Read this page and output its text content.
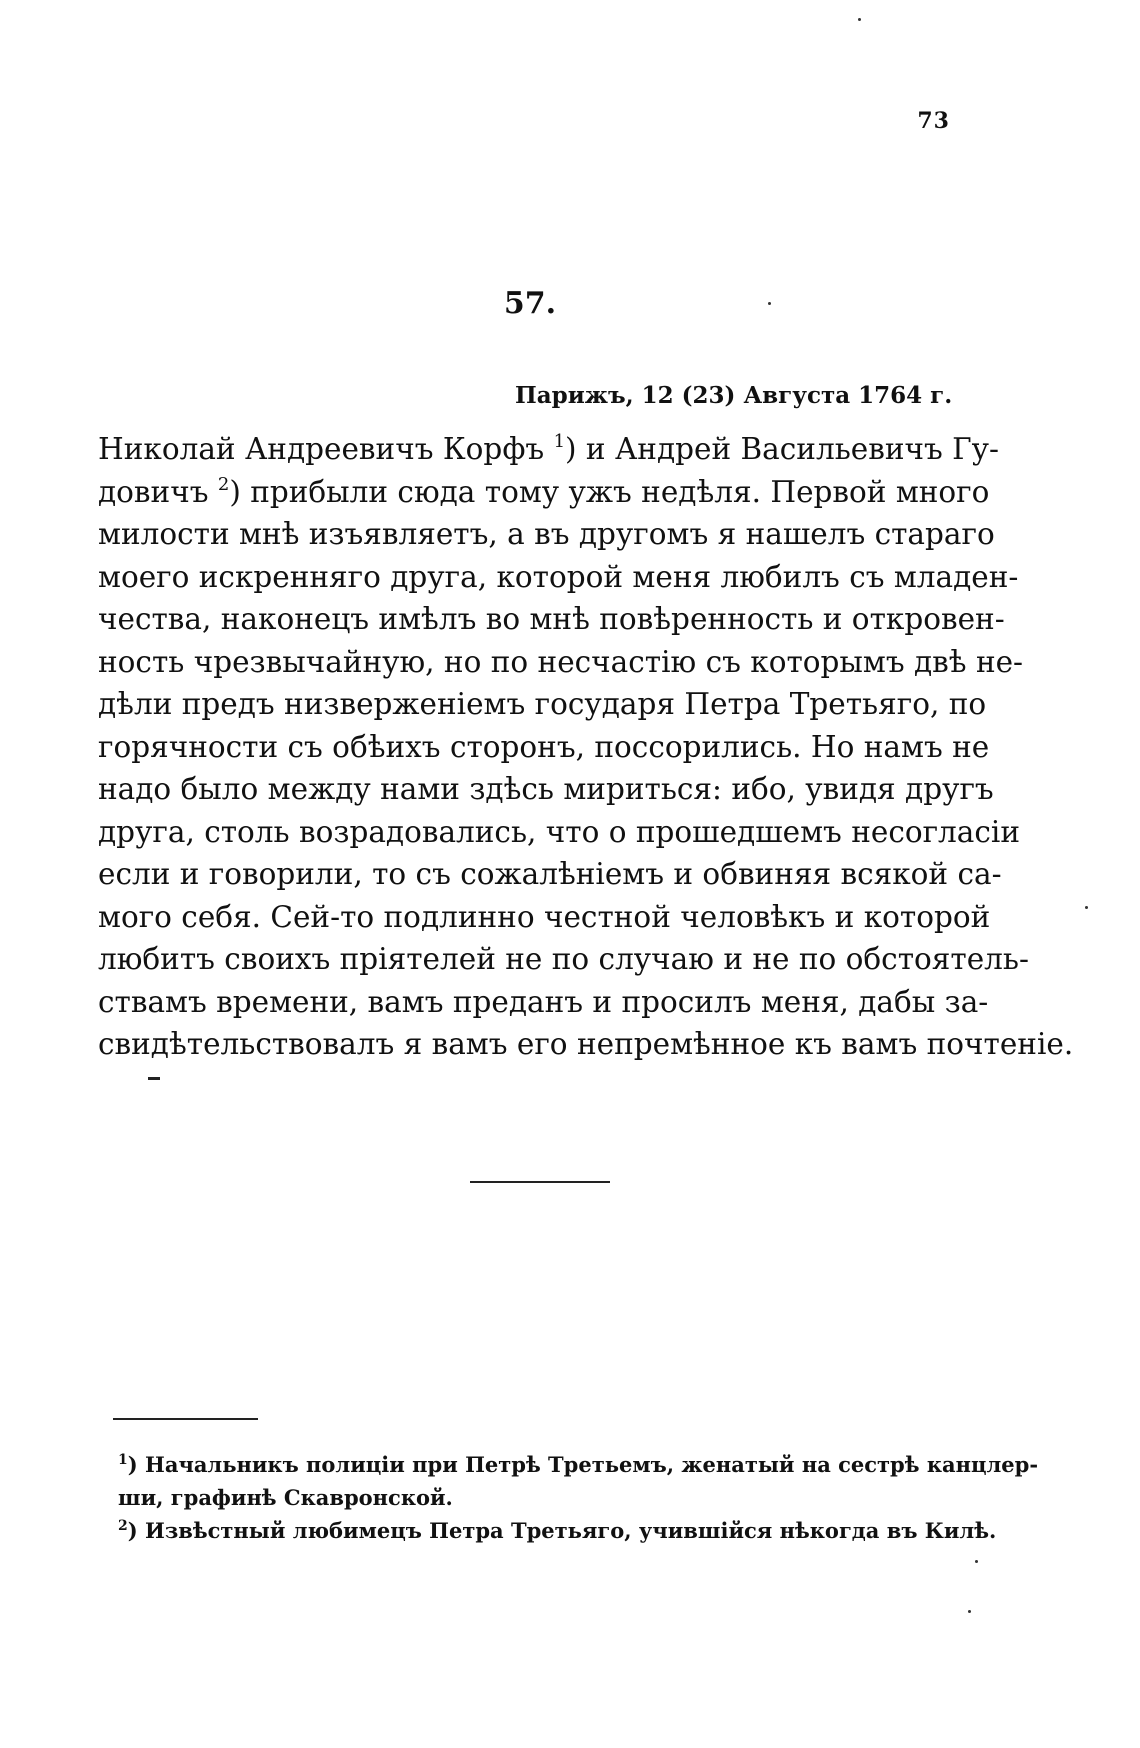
73
57.
Парижъ, 12 (23) Августа 1764 г.
Николай Андреевичъ Корфъ $^1$) и Андрей Васильевичъ Гу-
довичъ $^2$) прибыли сюда тому ужъ недѣля. Первой много
милости мнѣ изъявляетъ, а въ другомъ я нашелъ стараго
моего искренняго друга, которой меня любилъ съ младен-
чества, наконецъ имѣлъ во мнѣ повѣренность и откровен-
ность чрезвычайную, но по несчастію съ которымъ двѣ не-
дѣли предъ низверженіемъ государя Петра Третьяго, по
горячности съ обѣихъ сторонъ, поссорились. Но намъ не
надо было между нами здѣсь мириться: ибо, увидя другъ
друга, столь возрадовались, что о прошедшемъ несогласіи
если и говорили, то съ сожалѣніемъ и обвиняя всякой са-
мого себя. Сей-то подлинно честной человѣкъ и которой
любитъ своихъ пріятелей не по случаю и не по обстоятель-
ствамъ времени, вамъ преданъ и просилъ меня, дабы за-
свидѣтельствовалъ я вамъ его непремѣнное къ вамъ почтеніе.
$^1$) Начальникъ полиціи при Петрѣ Третьемъ, женатый на сестрѣ канцлер-
ши, графинѣ Скавронской.
$^2$) Извѣстный любимецъ Петра Третьяго, учившійся нѣкогда въ Килѣ.
